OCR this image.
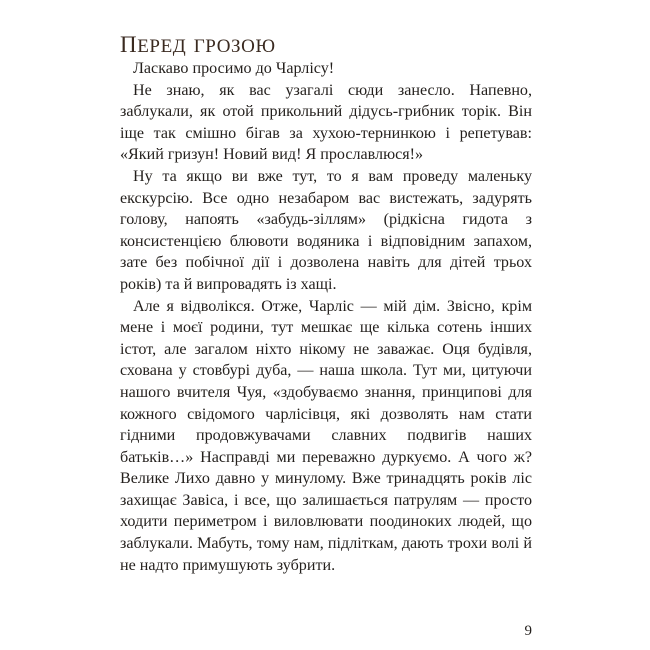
перед грозою

Ласкаво просимо до Чарлісу!

Не знаю, як вас узагалі сюди занесло. Напевно, заблукали, як отой прикольний дідусь-грибник торік. Він іще так смішно бігав за хухою-тернинкою і репетував: «Який гризун! Новий вид! Я прославлюся!»

Ну та якщо ви вже тут, то я вам проведу маленьку екскурсію. Все одно незабаром вас вистежать, задурять голову, напоять «забудь-зіллям» (рідкісна гидота з консистенцією блювоти водяника і відповідним запахом, зате без побічної дії і дозволена навіть для дітей трьох років) та й випровадять із хащі.

Але я відволікся. Отже, Чарліс — мій дім. Звісно, крім мене і моєї родини, тут мешкає ще кілька сотень інших істот, але загалом ніхто нікому не заважає. Оця будівля, схована у стовбурі дуба, — наша школа. Тут ми, цитуючи нашого вчителя Чуя, «здобуваємо знання, принципові для кожного свідомого чарлісівця, які дозволять нам стати гідними продовжувачами славних подвигів наших батьків…» Насправді ми переважно дуркуємо. А чого ж? Велике Лихо давно у минулому. Вже тринадцять років ліс захищає Завіса, і все, що залишається патрулям — просто ходити периметром і виловлювати поодиноких людей, що заблукали. Мабуть, тому нам, підліткам, дають трохи волі й не надто примушують зубрити.

9
